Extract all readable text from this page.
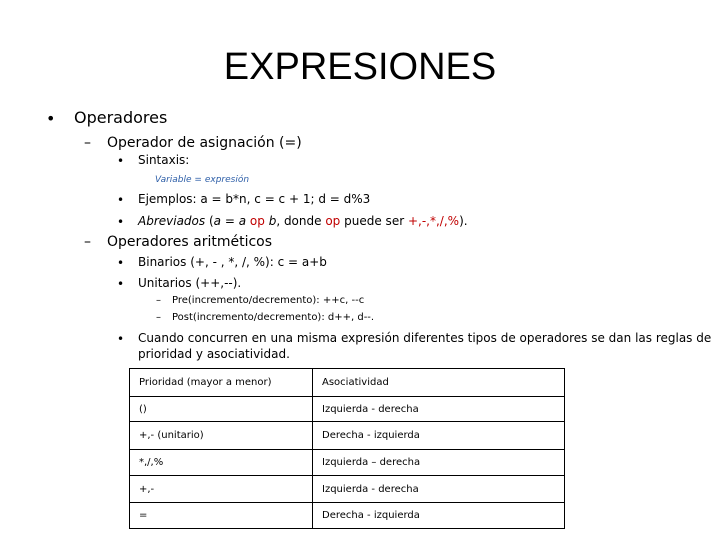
EXPRESIONES
• Operadores
– Operador de asignación (=)
• Sintaxis:
Variable = expresión
• Ejemplos: a = b*n, c = c + 1; d = d%3
• Abreviados (a = a op b, donde op puede ser +,-,*,/,%).
– Operadores aritméticos
• Binarios (+, - , *, /, %): c = a+b
• Unitarios (++,--).
– Pre(incremento/decremento): ++c, --c
– Post(incremento/decremento): d++, d--.
• Cuando concurren en una misma expresión diferentes tipos de operadores se dan las reglas de
prioridad y asociatividad.
Prioridad (mayor a menor)	Asociatividad
()	Izquierda - derecha
+,- (unitario)	Derecha - izquierda
*,/,%	Izquierda – derecha
+,-	Izquierda - derecha
=	Derecha - izquierda
